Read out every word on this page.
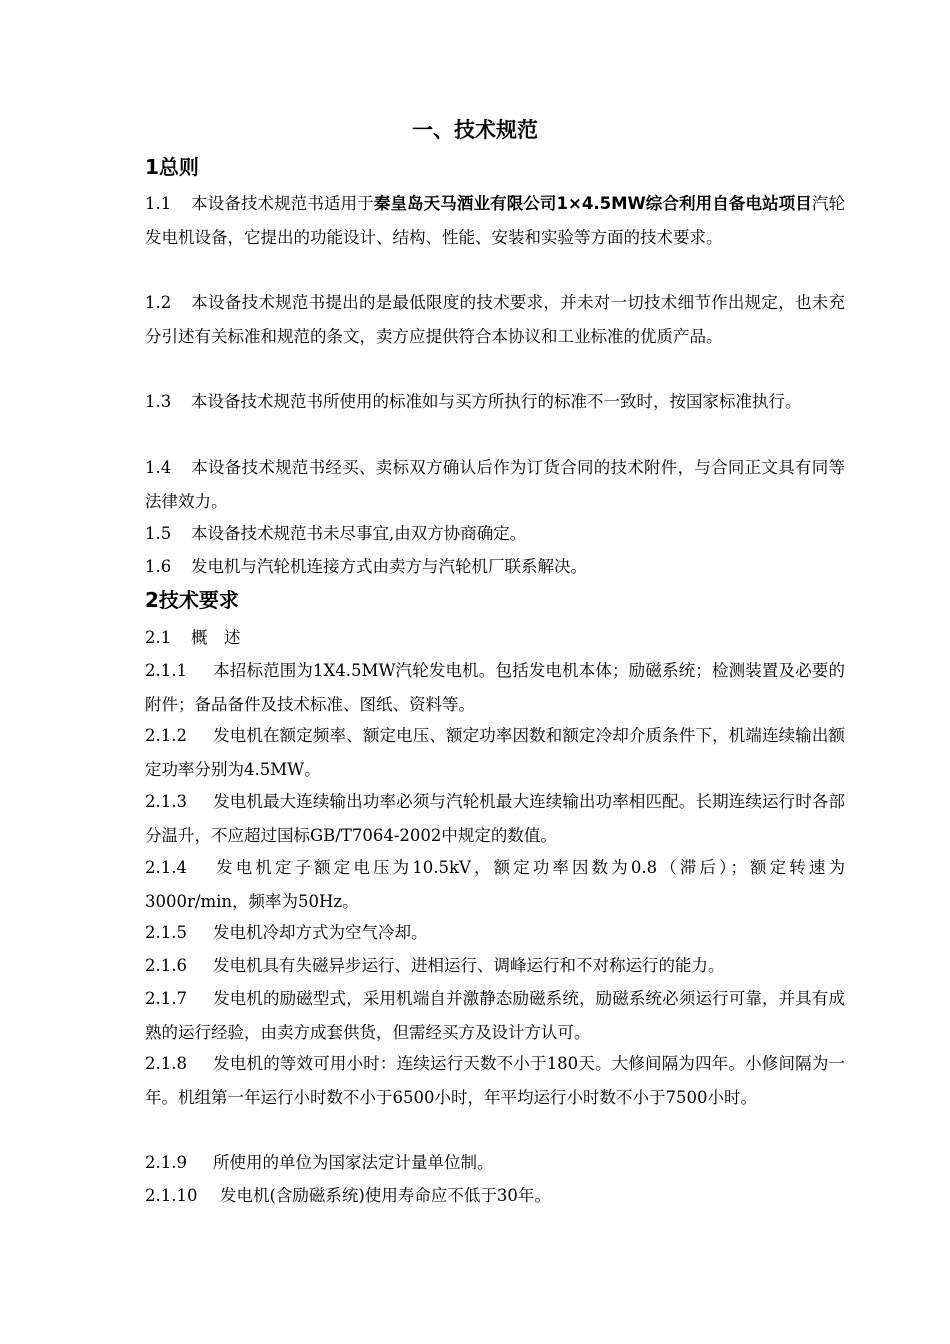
一、技术规范
1总则

1.1 本设备技术规范书适用于秦皇岛天马酒业有限公司1×4.5MW综合利用自备电站项目汽轮发电机设备，它提出的功能设计、结构、性能、安装和实验等方面的技术要求。

1.2 本设备技术规范书提出的是最低限度的技术要求，并未对一切技术细节作出规定，也未充分引述有关标准和规范的条文，卖方应提供符合本协议和工业标准的优质产品。

1.3 本设备技术规范书所使用的标准如与买方所执行的标准不一致时，按国家标准执行。

1.4 本设备技术规范书经买、卖标双方确认后作为订货合同的技术附件，与合同正文具有同等法律效力。

1.5 本设备技术规范书未尽事宜,由双方协商确定。

1.6 发电机与汽轮机连接方式由卖方与汽轮机厂联系解决。

2技术要求

2.1 概　述

2.1.1 本招标范围为1X4.5MW汽轮发电机。包括发电机本体；励磁系统；检测装置及必要的附件；备品备件及技术标准、图纸、资料等。

2.1.2 发电机在额定频率、额定电压、额定功率因数和额定冷却介质条件下，机端连续输出额定功率分别为4.5MW。

2.1.3 发电机最大连续输出功率必须与汽轮机最大连续输出功率相匹配。长期连续运行时各部分温升，不应超过国标GB/T7064-2002中规定的数值。

2.1.4 发电机定子额定电压为10.5kV，额定功率因数为0.8（滞后）；额定转速为3000r/min，频率为50Hz。

2.1.5 发电机冷却方式为空气冷却。

2.1.6 发电机具有失磁异步运行、进相运行、调峰运行和不对称运行的能力。

2.1.7 发电机的励磁型式，采用机端自并激静态励磁系统，励磁系统必须运行可靠，并具有成熟的运行经验，由卖方成套供货，但需经买方及设计方认可。

2.1.8 发电机的等效可用小时：连续运行天数不小于180天。大修间隔为四年。小修间隔为一年。机组第一年运行小时数不小于6500小时，年平均运行小时数不小于7500小时。

2.1.9 所使用的单位为国家法定计量单位制。

2.1.10 发电机(含励磁系统)使用寿命应不低于30年。
